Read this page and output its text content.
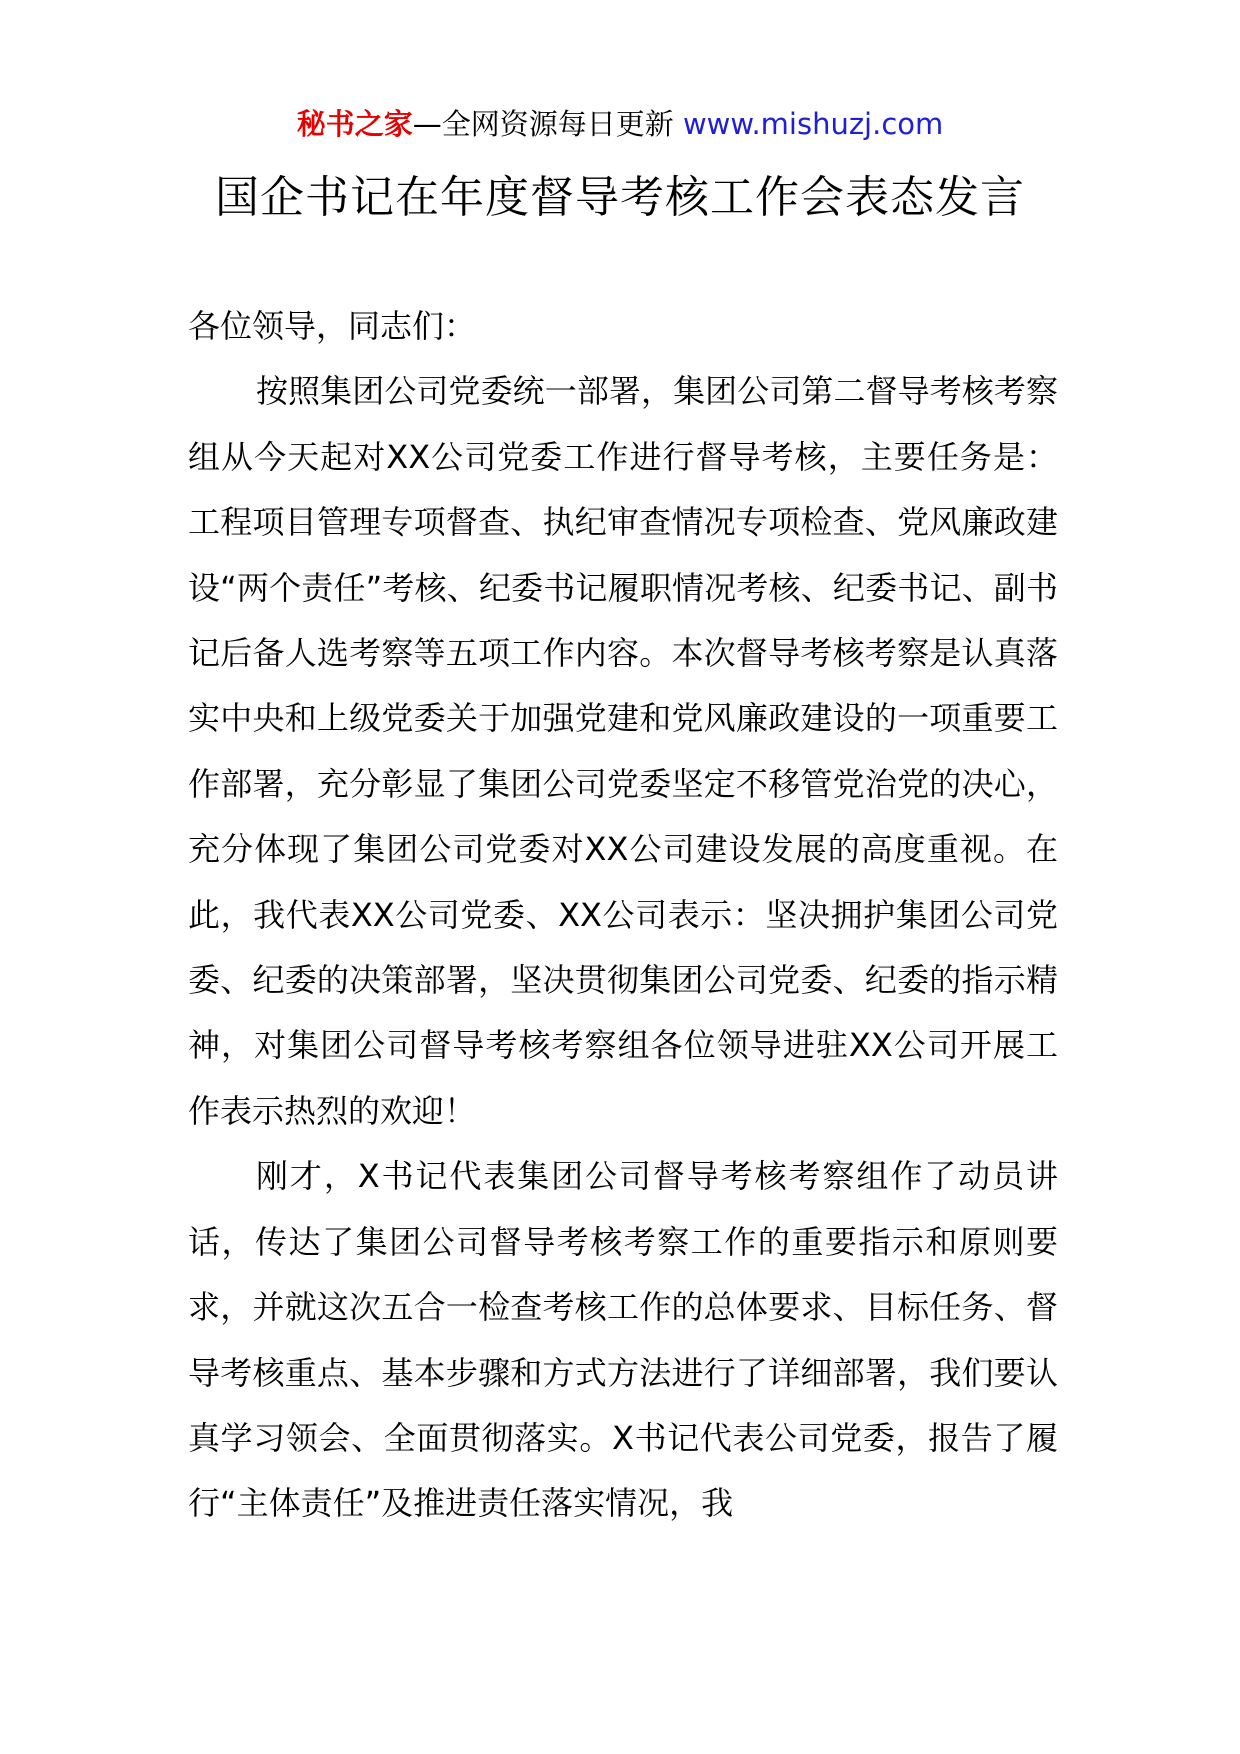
秘书之家—全网资源每日更新 www.mishuzj.com
国企书记在年度督导考核工作会表态发言

各位领导，同志们：

按照集团公司党委统一部署，集团公司第二督导考核考察组从今天起对XX公司党委工作进行督导考核，主要任务是：工程项目管理专项督查、执纪审查情况专项检查、党风廉政建设“两个责任”考核、纪委书记履职情况考核、纪委书记、副书记后备人选考察等五项工作内容。本次督导考核考察是认真落实中央和上级党委关于加强党建和党风廉政建设的一项重要工作部署，充分彰显了集团公司党委坚定不移管党治党的决心，充分体现了集团公司党委对XX公司建设发展的高度重视。在此，我代表XX公司党委、XX公司表示：坚决拥护集团公司党委、纪委的决策部署，坚决贯彻集团公司党委、纪委的指示精神，对集团公司督导考核考察组各位领导进驻XX公司开展工作表示热烈的欢迎！

刚才，X书记代表集团公司督导考核考察组作了动员讲话，传达了集团公司督导考核考察工作的重要指示和原则要求，并就这次五合一检查考核工作的总体要求、目标任务、督导考核重点、基本步骤和方式方法进行了详细部署，我们要认真学习领会、全面贯彻落实。X书记代表公司党委，报告了履行“主体责任”及推进责任落实情况，我
